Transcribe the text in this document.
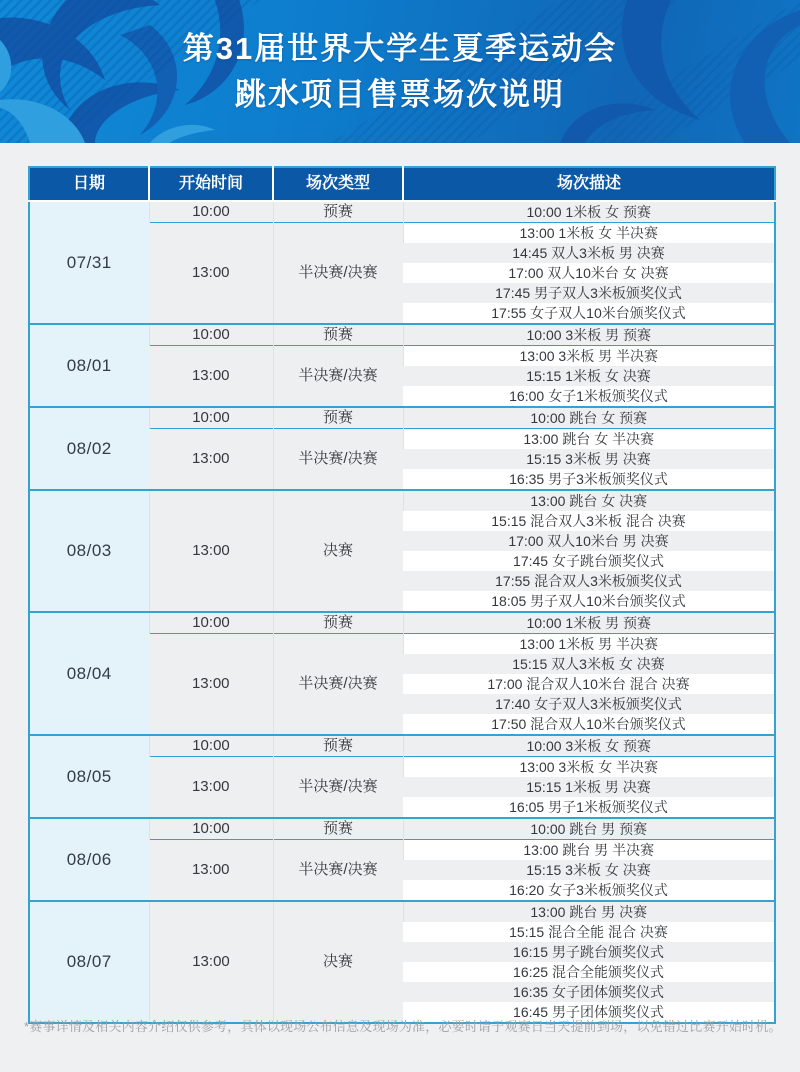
第31届世界大学生夏季运动会
跳水项目售票场次说明
日期	开始时间	场次类型	场次描述
07/31	10:00	预赛	10:00 1米板 女 预赛
	13:00	半决赛/决赛	13:00 1米板 女 半决赛
			14:45 双人3米板 男 决赛
			17:00 双人10米台 女 决赛
			17:45 男子双人3米板颁奖仪式
			17:55 女子双人10米台颁奖仪式
08/01	10:00	预赛	10:00 3米板 男 预赛
	13:00	半决赛/决赛	13:00 3米板 男 半决赛
			15:15 1米板 女 决赛
			16:00 女子1米板颁奖仪式
08/02	10:00	预赛	10:00 跳台 女 预赛
	13:00	半决赛/决赛	13:00 跳台 女 半决赛
			15:15 3米板 男 决赛
			16:35 男子3米板颁奖仪式
08/03	13:00	决赛	13:00 跳台 女 决赛
			15:15 混合双人3米板 混合 决赛
			17:00 双人10米台 男 决赛
			17:45 女子跳台颁奖仪式
			17:55 混合双人3米板颁奖仪式
			18:05 男子双人10米台颁奖仪式
08/04	10:00	预赛	10:00 1米板 男 预赛
	13:00	半决赛/决赛	13:00 1米板 男 半决赛
			15:15 双人3米板 女 决赛
			17:00 混合双人10米台 混合 决赛
			17:40 女子双人3米板颁奖仪式
			17:50 混合双人10米台颁奖仪式
08/05	10:00	预赛	10:00 3米板 女 预赛
	13:00	半决赛/决赛	13:00 3米板 女 半决赛
			15:15 1米板 男 决赛
			16:05 男子1米板颁奖仪式
08/06	10:00	预赛	10:00 跳台 男 预赛
	13:00	半决赛/决赛	13:00 跳台 男 半决赛
			15:15 3米板 女 决赛
			16:20 女子3米板颁奖仪式
08/07	13:00	决赛	13:00 跳台 男 决赛
			15:15 混合全能 混合 决赛
			16:15 男子跳台颁奖仪式
			16:25 混合全能颁奖仪式
			16:35 女子团体颁奖仪式
			16:45 男子团体颁奖仪式
*赛事详情及相关内容介绍仅供参考，具体以现场公布信息及现场为准，必要时请于观赛日当天提前到场，以免错过比赛开始时机。
